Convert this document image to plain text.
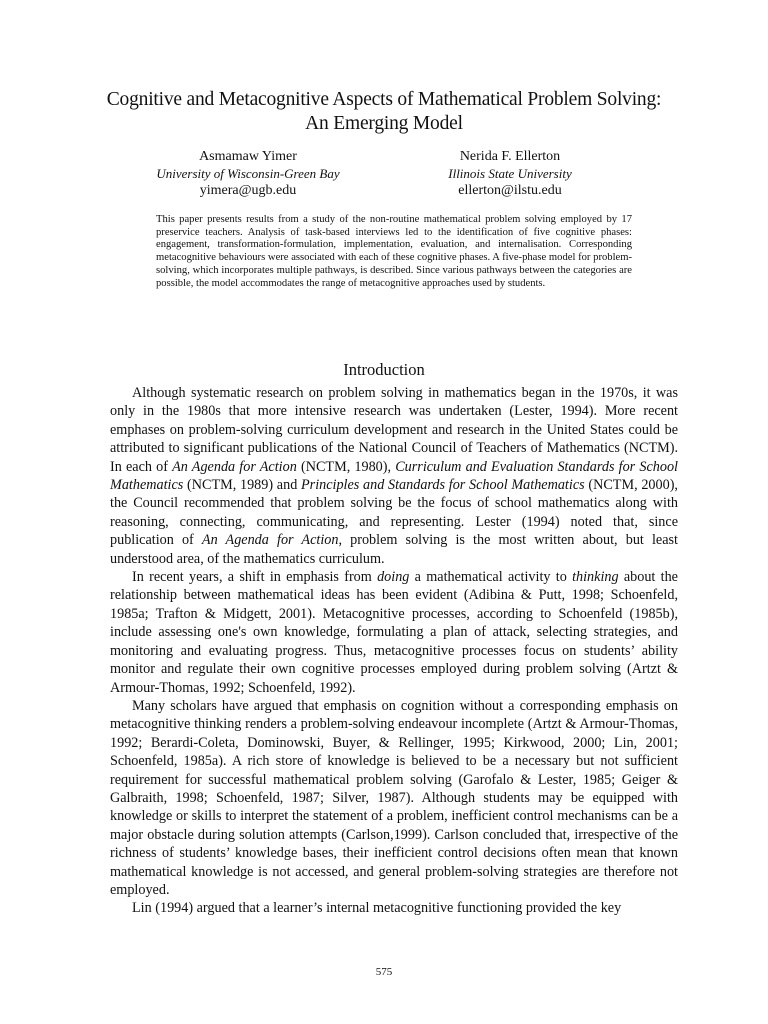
Cognitive and Metacognitive Aspects of Mathematical Problem Solving:
An Emerging Model
Asmamaw Yimer
University of Wisconsin-Green Bay
yimera@ugb.edu
Nerida F. Ellerton
Illinois State University
ellerton@ilstu.edu
This paper presents results from a study of the non-routine mathematical problem solving employed by 17 preservice teachers. Analysis of task-based interviews led to the identification of five cognitive phases: engagement, transformation-formulation, implementation, evaluation, and internalisation. Corresponding metacognitive behaviours were associated with each of these cognitive phases. A five-phase model for problem-solving, which incorporates multiple pathways, is described. Since various pathways between the categories are possible, the model accommodates the range of metacognitive approaches used by students.
Introduction

Although systematic research on problem solving in mathematics began in the 1970s, it was only in the 1980s that more intensive research was undertaken (Lester, 1994). More recent emphases on problem-solving curriculum development and research in the United States could be attributed to significant publications of the National Council of Teachers of Mathematics (NCTM). In each of An Agenda for Action (NCTM, 1980), Curriculum and Evaluation Standards for School Mathematics (NCTM, 1989) and Principles and Standards for School Mathematics (NCTM, 2000), the Council recommended that problem solving be the focus of school mathematics along with reasoning, connecting, communicating, and representing. Lester (1994) noted that, since publication of An Agenda for Action, problem solving is the most written about, but least understood area, of the mathematics curriculum.

In recent years, a shift in emphasis from doing a mathematical activity to thinking about the relationship between mathematical ideas has been evident (Adibina & Putt, 1998; Schoenfeld, 1985a; Trafton & Midgett, 2001). Metacognitive processes, according to Schoenfeld (1985b), include assessing one's own knowledge, formulating a plan of attack, selecting strategies, and monitoring and evaluating progress. Thus, metacognitive processes focus on students’ ability monitor and regulate their own cognitive processes employed during problem solving (Artzt & Armour-Thomas, 1992; Schoenfeld, 1992).

Many scholars have argued that emphasis on cognition without a corresponding emphasis on metacognitive thinking renders a problem-solving endeavour incomplete (Artzt & Armour-Thomas, 1992; Berardi-Coleta, Dominowski, Buyer, & Rellinger, 1995; Kirkwood, 2000; Lin, 2001; Schoenfeld, 1985a). A rich store of knowledge is believed to be a necessary but not sufficient requirement for successful mathematical problem solving (Garofalo & Lester, 1985; Geiger & Galbraith, 1998; Schoenfeld, 1987; Silver, 1987). Although students may be equipped with knowledge or skills to interpret the statement of a problem, inefficient control mechanisms can be a major obstacle during solution attempts (Carlson,1999). Carlson concluded that, irrespective of the richness of students’ knowledge bases, their inefficient control decisions often mean that known mathematical knowledge is not accessed, and general problem-solving strategies are therefore not employed.

Lin (1994) argued that a learner’s internal metacognitive functioning provided the key

575
